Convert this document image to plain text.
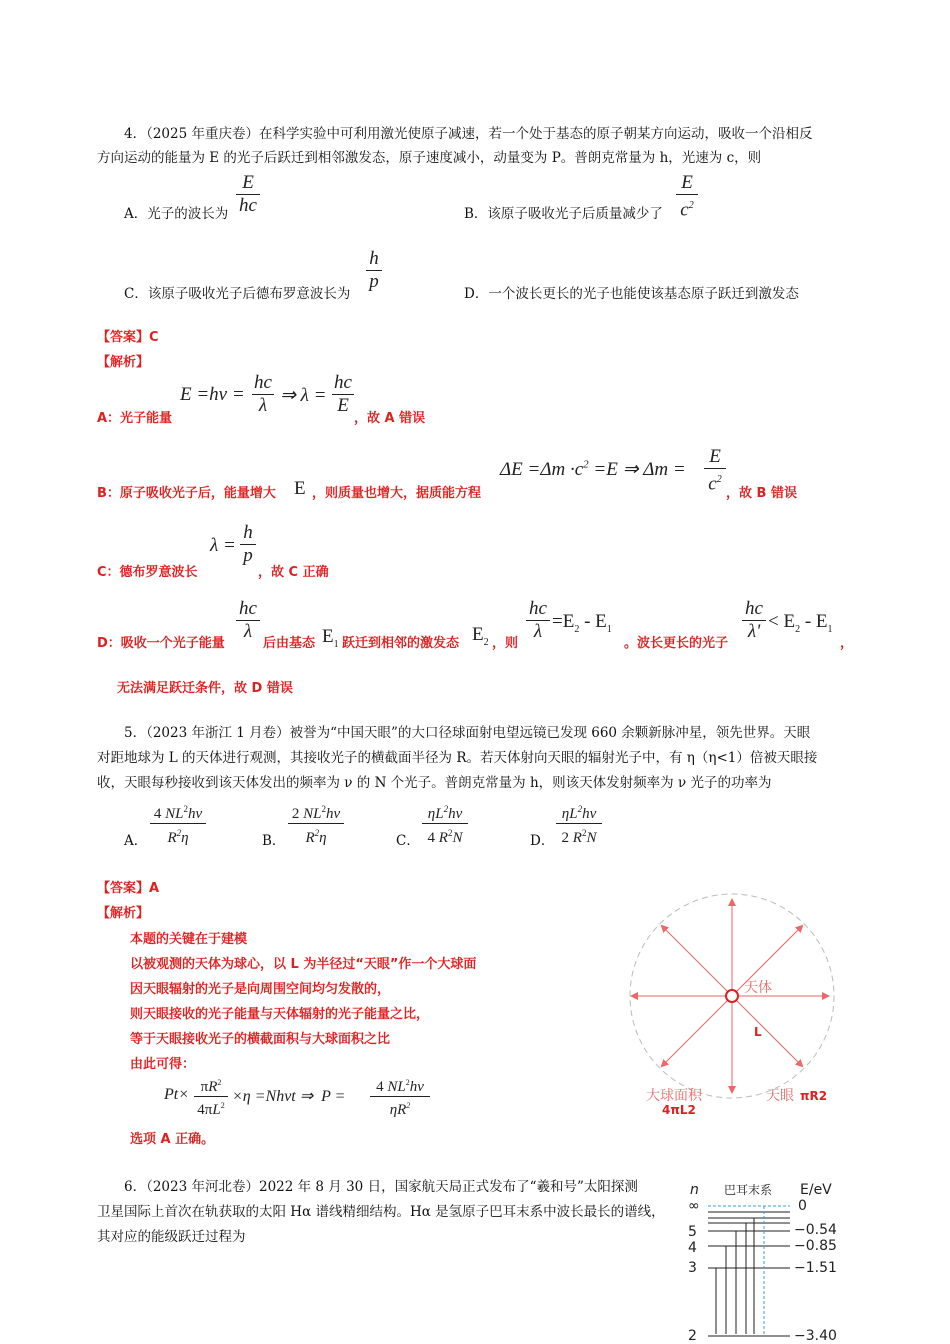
4．（2025 年重庆卷）在科学实验中可利用激光使原子减速，若一个处于基态的原子朝某方向运动，吸收一个沿相反
方向运动的能量为 E 的光子后跃迁到相邻激发态，原子速度减小，动量变为 P。普朗克常量为 h，光速为 c，则
A．光子的波长为
E
hc	B．该原子吸收光子后质量减少了
E
$c^2$
C．该原子吸收光子后德布罗意波长为
h
p
D．一个波长更长的光子也能使该基态原子跃迁到激发态
【答案】C
【解析】
A：光子能量
E =hν =
hc
λ ⇒ λ =
hc
E
，故 A 错误
B：原子吸收光子后，能量增大 E ，则质量也增大，据质能方程
$\Delta E =\Delta m \cdot c^2 =E$ ⇒ Δm =
E
$c^2$
，故 B 错误
C：德布罗意波长
λ =
h
p
，故 C 正确
D：吸收一个光子能量
hc
λ
后由基态 $E_1$ 跃迁到相邻的激发态 $E_2$ ，则
hc
$\lambda =E_2 - E_1$
。波长更长的光子
hc
$\lambda' < E_2 - E_1$
，
无法满足跃迁条件，故 D 错误
5．（2023 年浙江 1 月卷）被誉为“中国天眼”的大口径球面射电望远镜已发现 660 余颗新脉冲星，领先世界。天眼
对距地球为 L 的天体进行观测，其接收光子的横截面半径为 R。若天体射向天眼的辐射光子中，有 η（η<1）倍被天眼接
收，天眼每秒接收到该天体发出的频率为 ν 的 N 个光子。普朗克常量为 h，则该天体发射频率为 ν 光子的功率为
A．
4 $NL^2h\nu$
$R^2\eta$	B．
2 $NL^2h\nu$
$R^2\eta$	C．
$\eta L^2h\nu$
4 $R^2N$	D．
$\eta L^2h\nu$
2 $R^2N$
【答案】A
【解析】
本题的关键在于建模
以被观测的天体为球心，以 L 为半径过“天眼”作一个大球面
因天眼辐射的光子是向周围空间均匀发散的，
则天眼接收的光子能量与天体辐射的光子能量之比，
等于天眼接收光子的横截面积与大球面积之比
由此可得：
$Pt\times \pi R^2$
$4\pi L^2$
×η =Nhνt ⇒  P =
4 $NL^2h\nu$
$\eta R^2$
选项 A 正确。
天体
L
大球面积
4πL2
天眼 πR2
6．（2023 年河北卷）2022 年 8 月 30 日，国家航天局正式发布了“羲和号”太阳探测
卫星国际上首次在轨获取的太阳 Hα 谱线精细结构。Hα 是氢原子巴耳末系中波长最长的谱线，
其对应的能级跃迁过程为
n 巴耳末系 E/eV
∞	0
5	−0.54
4	−0.85
3	−1.51
2	−3.40
